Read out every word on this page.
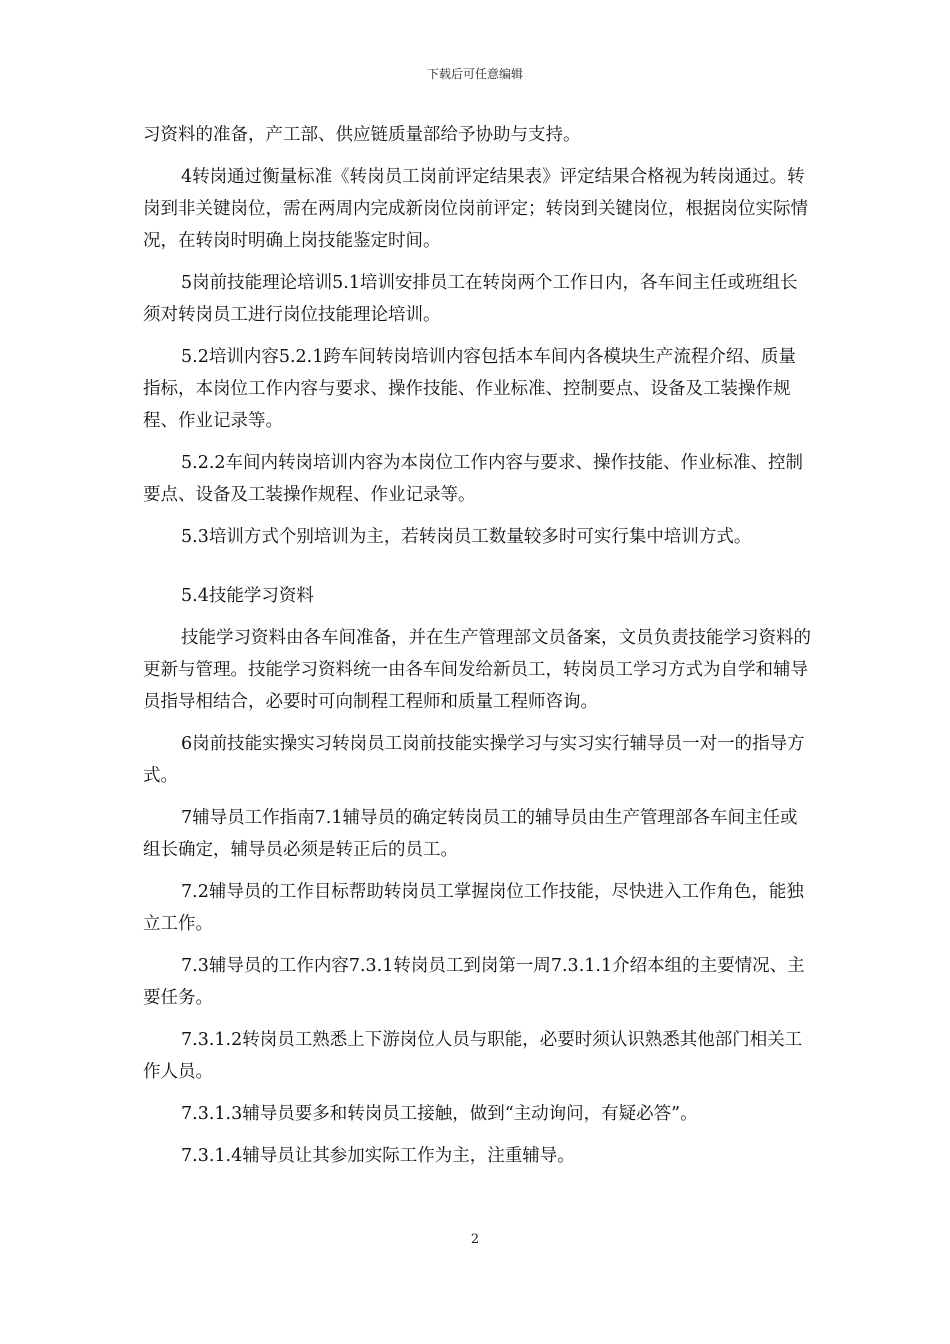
下载后可任意编辑

习资料的准备，产工部、供应链质量部给予协助与支持。

4转岗通过衡量标准《转岗员工岗前评定结果表》评定结果合格视为转岗通过。转岗到非关键岗位，需在两周内完成新岗位岗前评定；转岗到关键岗位，根据岗位实际情况，在转岗时明确上岗技能鉴定时间。

5岗前技能理论培训5.1培训安排员工在转岗两个工作日内，各车间主任或班组长须对转岗员工进行岗位技能理论培训。

5.2培训内容5.2.1跨车间转岗培训内容包括本车间内各模块生产流程介绍、质量指标，本岗位工作内容与要求、操作技能、作业标准、控制要点、设备及工装操作规程、作业记录等。

5.2.2车间内转岗培训内容为本岗位工作内容与要求、操作技能、作业标准、控制要点、设备及工装操作规程、作业记录等。

5.3培训方式个别培训为主，若转岗员工数量较多时可实行集中培训方式。

5.4技能学习资料

技能学习资料由各车间准备，并在生产管理部文员备案，文员负责技能学习资料的更新与管理。技能学习资料统一由各车间发给新员工，转岗员工学习方式为自学和辅导员指导相结合，必要时可向制程工程师和质量工程师咨询。

6岗前技能实操实习转岗员工岗前技能实操学习与实习实行辅导员一对一的指导方式。

7辅导员工作指南7.1辅导员的确定转岗员工的辅导员由生产管理部各车间主任或组长确定，辅导员必须是转正后的员工。

7.2辅导员的工作目标帮助转岗员工掌握岗位工作技能，尽快进入工作角色，能独立工作。

7.3辅导员的工作内容7.3.1转岗员工到岗第一周7.3.1.1介绍本组的主要情况、主要任务。

7.3.1.2转岗员工熟悉上下游岗位人员与职能，必要时须认识熟悉其他部门相关工作人员。

7.3.1.3辅导员要多和转岗员工接触，做到“主动询问，有疑必答”。

7.3.1.4辅导员让其参加实际工作为主，注重辅导。

2
